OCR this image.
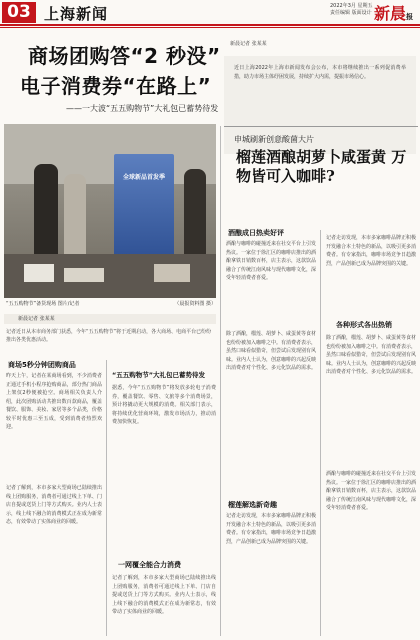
03 上海新闻	2022年3月 星期五
责任编辑 版面设计 新晨报
商场团购答“2 秒没”
电子消费券“在路上”
——一大波“五五购物节”大礼包已蓄势待发
全球新品首发季
“五五购物节”备货现场 图片/记者	（晨报资料图 摄）
新晨记者 张某某
记者近日从本市商务部门获悉，今年“五五购物节”将于近期启动，各大商场、电商平台已纷纷推出各类优惠活动。
商场5秒分钟团购商品
昨天上午，记者在某商场看到，不少消费者正通过手机小程序抢购商品，部分热门商品上架仅2秒便被抢空。商场相关负责人介绍，此次团购活动共推出数百款商品，覆盖餐饮、服饰、美妆、家居等多个品类，价格较平时优惠三至五成，受到消费者热烈欢迎。
记者了解到，本市多家大型商场已陆续推出线上团购服务，消费者可通过线上下单、门店自提或送货上门等方式购买。业内人士表示，线上线下融合的消费模式正在成为新常态，有效带动了实体商业的回暖。
“五五购物节”大礼包已蓄势待发
据悉，今年“五五购物节”将发放多轮电子消费券，覆盖餐饮、零售、文旅等多个消费场景，预计将撬动更大规模的消费。相关部门表示，将持续优化营商环境，激发市场活力，推动消费加快恢复。
一网覆全能合力消费
记者了解到，本市多家大型商场已陆续推出线上团购服务，消费者可通过线上下单、门店自提或送货上门等方式购买。业内人士表示，线上线下融合的消费模式正在成为新常态，有效带动了实体商业的回暖。
新晨记者 张某某
近日上海2022年上海市新闻发布会公布，本市将继续推出一系列促消费举措，助力市场主体纾困发展，持续扩大内需，提振市场信心。
申城刷新创意酸菌大片
榴莲酒酿胡萝卜咸蛋黄 万物皆可入咖啡?
酒酿成日热卖好评
酒酿与咖啡的碰撞近来在社交平台上引发热议。一家位于徐汇区的咖啡店推出的酒酿拿铁日销数百杯，店主表示，这款饮品融合了传统江南风味与现代咖啡文化，深受年轻消费者喜爱。
除了酒酿，榴莲、胡萝卜、咸蛋黄等食材也纷纷被加入咖啡之中。有消费者表示，虽然口味看似猎奇，但尝试后发现别有风味。业内人士认为，创意咖啡的兴起反映出消费者对个性化、多元化饮品的需求。
榴莲解选新奇趣
记者走访发现，本市多家咖啡品牌正积极开发融合本土特色的新品，以吸引更多消费者。有专家指出，咖啡市场竞争日趋激烈，产品创新已成为品牌突围的关键。
记者走访发现，本市多家咖啡品牌正积极开发融合本土特色的新品，以吸引更多消费者。有专家指出，咖啡市场竞争日趋激烈，产品创新已成为品牌突围的关键。
各种形式各出热销
除了酒酿，榴莲、胡萝卜、咸蛋黄等食材也纷纷被加入咖啡之中。有消费者表示，虽然口味看似猎奇，但尝试后发现别有风味。业内人士认为，创意咖啡的兴起反映出消费者对个性化、多元化饮品的需求。
酒酿与咖啡的碰撞近来在社交平台上引发热议。一家位于徐汇区的咖啡店推出的酒酿拿铁日销数百杯，店主表示，这款饮品融合了传统江南风味与现代咖啡文化，深受年轻消费者喜爱。
